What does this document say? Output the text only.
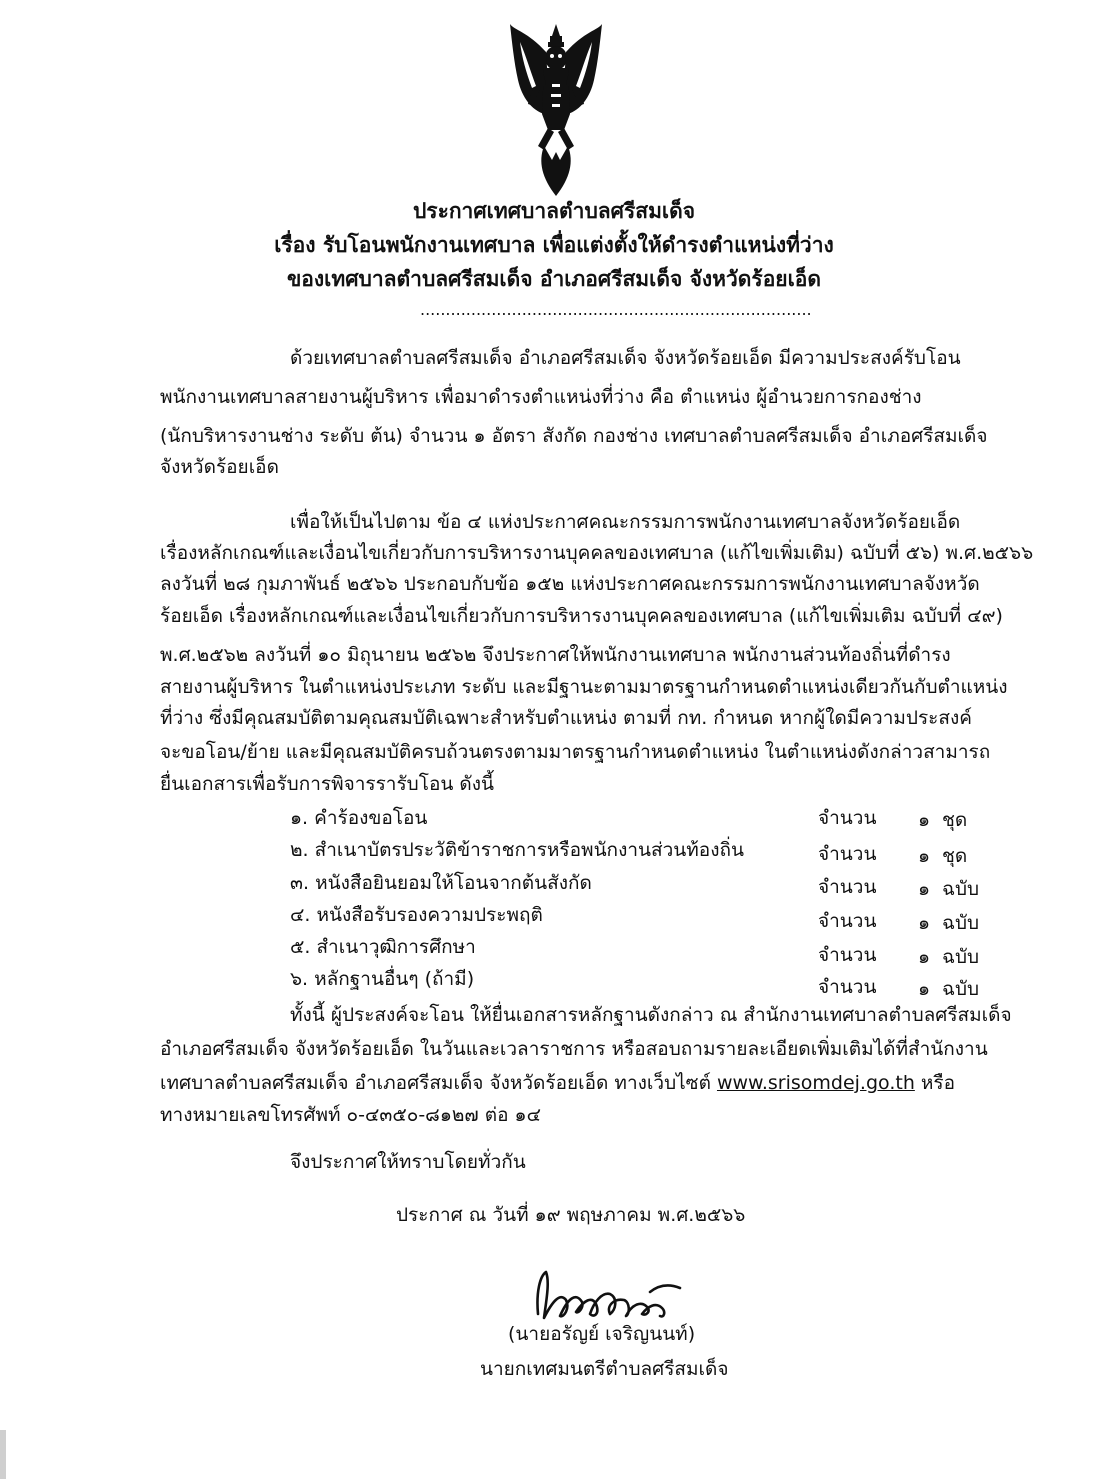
ประกาศเทศบาลตำบลศรีสมเด็จ
เรื่อง รับโอนพนักงานเทศบาล เพื่อแต่งตั้งให้ดำรงตำแหน่งที่ว่าง
ของเทศบาลตำบลศรีสมเด็จ อำเภอศรีสมเด็จ จังหวัดร้อยเอ็ด
.............................................................................
ด้วยเทศบาลตำบลศรีสมเด็จ อำเภอศรีสมเด็จ จังหวัดร้อยเอ็ด มีความประสงค์รับโอน
พนักงานเทศบาลสายงานผู้บริหาร เพื่อมาดำรงตำแหน่งที่ว่าง คือ ตำแหน่ง ผู้อำนวยการกองช่าง
(นักบริหารงานช่าง ระดับ ต้น) จำนวน ๑ อัตรา สังกัด กองช่าง เทศบาลตำบลศรีสมเด็จ อำเภอศรีสมเด็จ
จังหวัดร้อยเอ็ด
เพื่อให้เป็นไปตาม ข้อ ๔ แห่งประกาศคณะกรรมการพนักงานเทศบาลจังหวัดร้อยเอ็ด
เรื่องหลักเกณฑ์และเงื่อนไขเกี่ยวกับการบริหารงานบุคคลของเทศบาล (แก้ไขเพิ่มเติม) ฉบับที่ ๕๖) พ.ศ.๒๕๖๖
ลงวันที่ ๒๘ กุมภาพันธ์ ๒๕๖๖ ประกอบกับข้อ ๑๕๒ แห่งประกาศคณะกรรมการพนักงานเทศบาลจังหวัด
ร้อยเอ็ด เรื่องหลักเกณฑ์และเงื่อนไขเกี่ยวกับการบริหารงานบุคคลของเทศบาล (แก้ไขเพิ่มเติม ฉบับที่ ๔๙)
พ.ศ.๒๕๖๒ ลงวันที่ ๑๐ มิถุนายน ๒๕๖๒ จึงประกาศให้พนักงานเทศบาล พนักงานส่วนท้องถิ่นที่ดำรง
สายงานผู้บริหาร ในตำแหน่งประเภท ระดับ และมีฐานะตามมาตรฐานกำหนดตำแหน่งเดียวกันกับตำแหน่ง
ที่ว่าง ซึ่งมีคุณสมบัติตามคุณสมบัติเฉพาะสำหรับตำแหน่ง ตามที่ กท. กำหนด หากผู้ใดมีความประสงค์
จะขอโอน/ย้าย และมีคุณสมบัติครบถ้วนตรงตามมาตรฐานกำหนดตำแหน่ง ในตำแหน่งดังกล่าวสามารถ
ยื่นเอกสารเพื่อรับการพิจารรารับโอน ดังนี้
๑. คำร้องขอโอน	จำนวน ๑ ชุด
๒. สำเนาบัตรประวัติข้าราชการหรือพนักงานส่วนท้องถิ่น	จำนวน ๑ ชุด
๓. หนังสือยินยอมให้โอนจากต้นสังกัด	จำนวน ๑ ฉบับ
๔. หนังสือรับรองความประพฤติ	จำนวน ๑ ฉบับ
๕. สำเนาวุฒิการศึกษา	จำนวน ๑ ฉบับ
๖. หลักฐานอื่นๆ (ถ้ามี)	จำนวน ๑ ฉบับ
ทั้งนี้ ผู้ประสงค์จะโอน ให้ยื่นเอกสารหลักฐานดังกล่าว ณ สำนักงานเทศบาลตำบลศรีสมเด็จ
อำเภอศรีสมเด็จ จังหวัดร้อยเอ็ด ในวันและเวลาราชการ หรือสอบถามรายละเอียดเพิ่มเติมได้ที่สำนักงาน
เทศบาลตำบลศรีสมเด็จ อำเภอศรีสมเด็จ จังหวัดร้อยเอ็ด ทางเว็บไซต์ www.srisomdej.go.th หรือ
ทางหมายเลขโทรศัพท์ ๐-๔๓๕๐-๘๑๒๗ ต่อ ๑๔
จึงประกาศให้ทราบโดยทั่วกัน
ประกาศ ณ วันที่ ๑๙ พฤษภาคม พ.ศ.๒๕๖๖
(นายอรัญย์ เจริญนนท์)
นายกเทศมนตรีตำบลศรีสมเด็จ
